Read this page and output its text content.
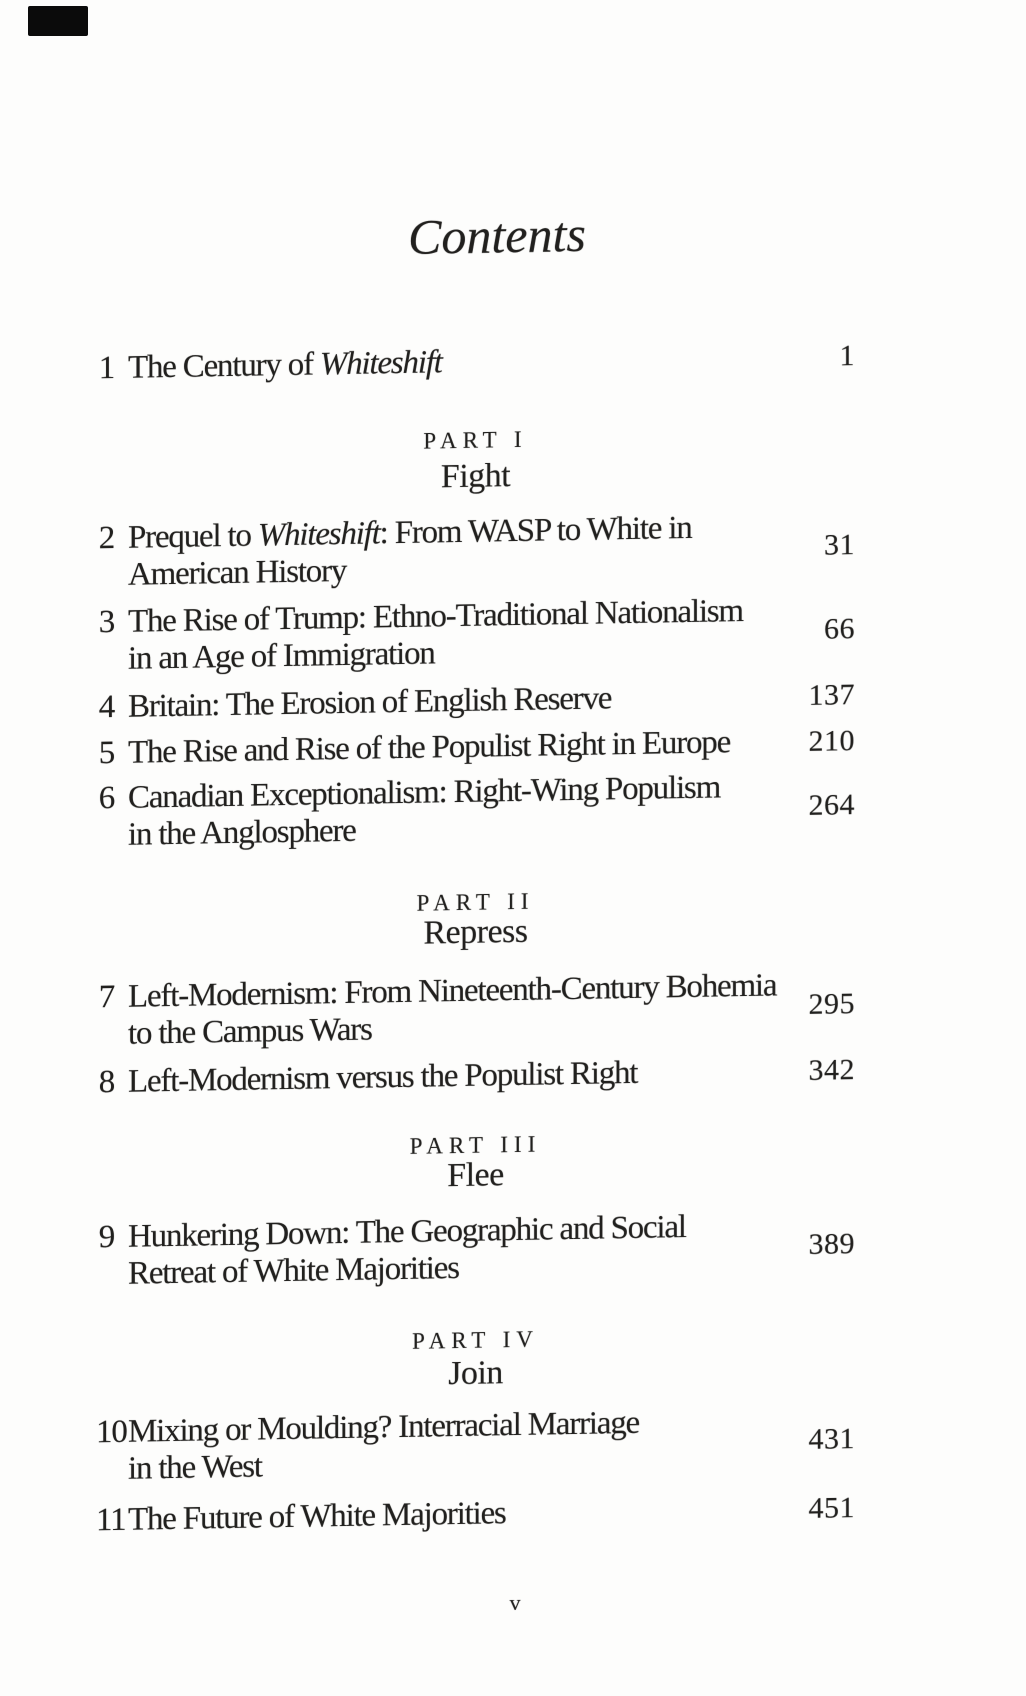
Contents
1 The Century of Whiteshift	1
PART I
Fight
2 Prequel to Whiteshift: From WASP to White in
American History
31
3 The Rise of Trump: Ethno-Traditional Nationalism
in an Age of Immigration
66
4 Britain: The Erosion of English Reserve	137
5 The Rise and Rise of the Populist Right in Europe	210
6 Canadian Exceptionalism: Right-Wing Populism
in the Anglosphere
264
PART II
Repress
7 Left-Modernism: From Nineteenth-Century Bohemia
to the Campus Wars
295
8 Left-Modernism versus the Populist Right	342
PART III
Flee
9 Hunkering Down: The Geographic and Social
Retreat of White Majorities
389
PART IV
Join
10 Mixing or Moulding? Interracial Marriage
in the West
431
11 The Future of White Majorities	451
v
